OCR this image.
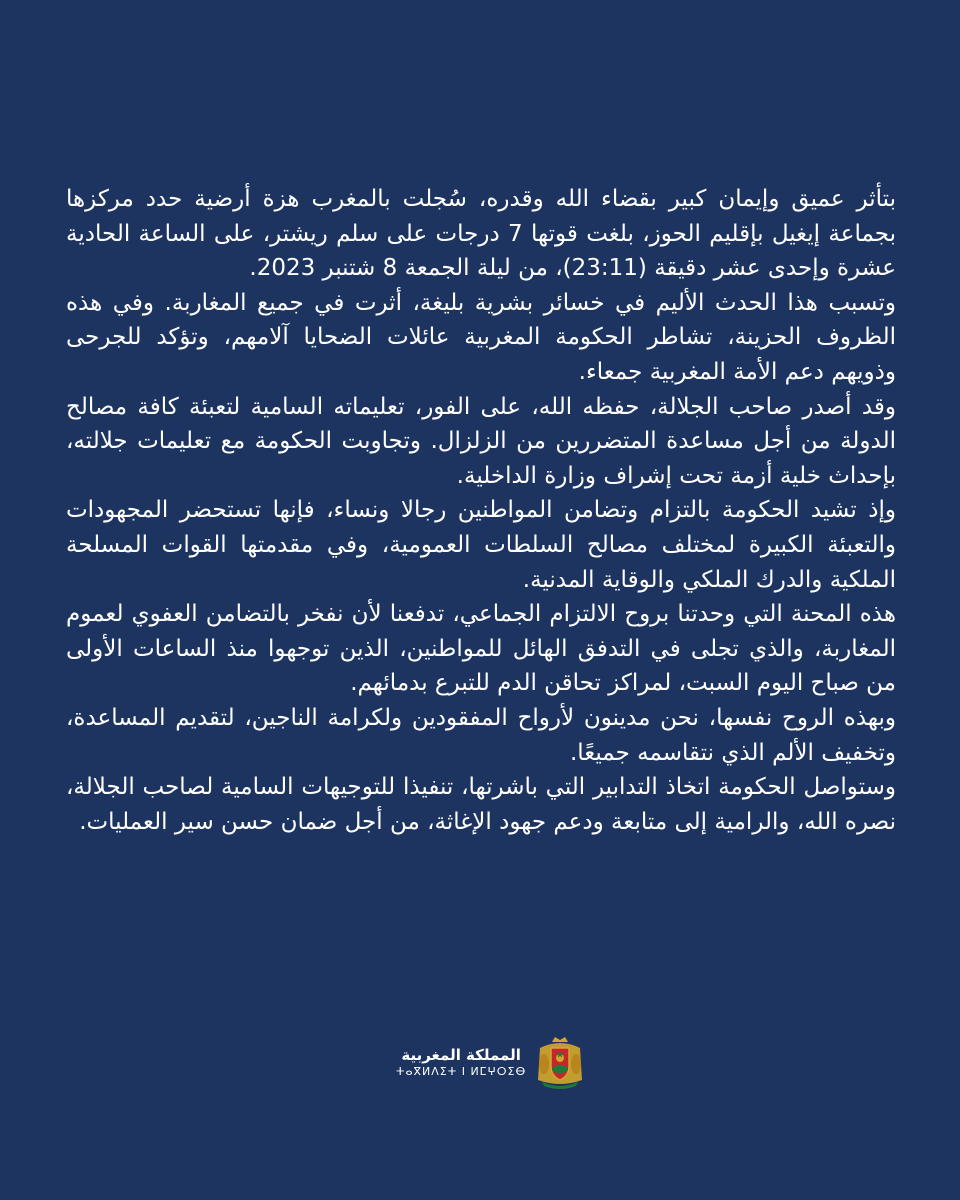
بتأثر عميق وإيمان كبير بقضاء الله وقدره، سُجلت بالمغرب هزة أرضية حدد مركزها بجماعة إيغيل بإقليم الحوز، بلغت قوتها 7 درجات على سلم ريشتر، على الساعة الحادية عشرة وإحدى عشر دقيقة (23:11)، من ليلة الجمعة 8 شتنبر 2023.

وتسبب هذا الحدث الأليم في خسائر بشرية بليغة، أثرت في جميع المغاربة. وفي هذه الظروف الحزينة، تشاطر الحكومة المغربية عائلات الضحايا آلامهم، وتؤكد للجرحى وذويهم دعم الأمة المغربية جمعاء.

وقد أصدر صاحب الجلالة، حفظه الله، على الفور، تعليماته السامية لتعبئة كافة مصالح الدولة من أجل مساعدة المتضررين من الزلزال. وتجاوبت الحكومة مع تعليمات جلالته، بإحداث خلية أزمة تحت إشراف وزارة الداخلية.

وإذ تشيد الحكومة بالتزام وتضامن المواطنين رجالا ونساء، فإنها تستحضر المجهودات والتعبئة الكبيرة لمختلف مصالح السلطات العمومية، وفي مقدمتها القوات المسلحة الملكية والدرك الملكي والوقاية المدنية.

هذه المحنة التي وحدتنا بروح الالتزام الجماعي، تدفعنا لأن نفخر بالتضامن العفوي لعموم المغاربة، والذي تجلى في التدفق الهائل للمواطنين، الذين توجهوا منذ الساعات الأولى من صباح اليوم السبت، لمراكز تحاقن الدم للتبرع بدمائهم.

وبهذه الروح نفسها، نحن مدينون لأرواح المفقودين ولكرامة الناجين، لتقديم المساعدة، وتخفيف الألم الذي نتقاسمه جميعًا.

وستواصل الحكومة اتخاذ التدابير التي باشرتها، تنفيذا للتوجيهات السامية لصاحب الجلالة، نصره الله، والرامية إلى متابعة ودعم جهود الإغاثة، من أجل ضمان حسن سير العمليات.

المملكة المغربية
ⵜⴰⴳⵍⴷⵉⵜ ⵏ ⵍⵎⵖⵔⵉⴱ
